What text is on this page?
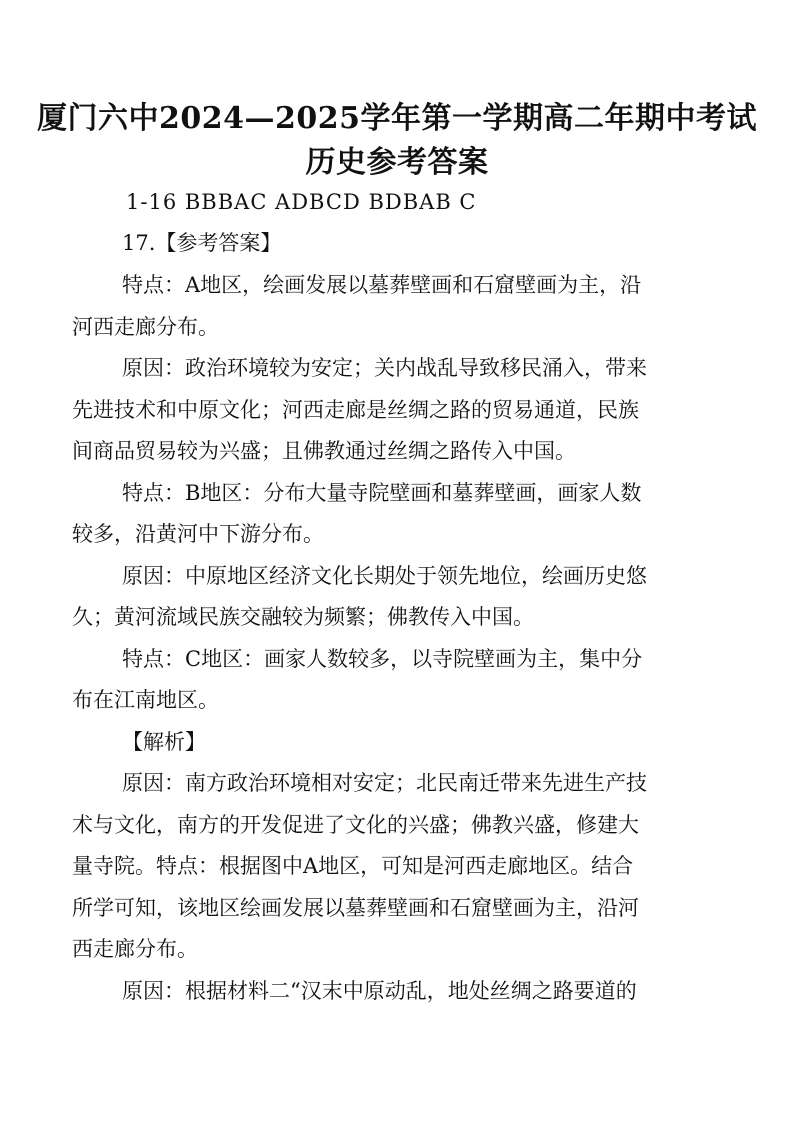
厦门六中2024—2025学年第一学期高二年期中考试
历史参考答案
1-16 BBBAC ADBCD BDBAB C
17.【参考答案】
特点：A地区，绘画发展以墓葬壁画和石窟壁画为主，沿
河西走廊分布。
原因：政治环境较为安定；关内战乱导致移民涌入，带来
先进技术和中原文化；河西走廊是丝绸之路的贸易通道，民族
间商品贸易较为兴盛；且佛教通过丝绸之路传入中国。
特点：B地区：分布大量寺院壁画和墓葬壁画，画家人数
较多，沿黄河中下游分布。
原因：中原地区经济文化长期处于领先地位，绘画历史悠
久；黄河流域民族交融较为频繁；佛教传入中国。
特点：C地区：画家人数较多，以寺院壁画为主，集中分
布在江南地区。
【解析】
原因：南方政治环境相对安定；北民南迁带来先进生产技
术与文化，南方的开发促进了文化的兴盛；佛教兴盛，修建大
量寺院。特点：根据图中A地区，可知是河西走廊地区。结合
所学可知，该地区绘画发展以墓葬壁画和石窟壁画为主，沿河
西走廊分布。
原因：根据材料二“汉末中原动乱，地处丝绸之路要道的
